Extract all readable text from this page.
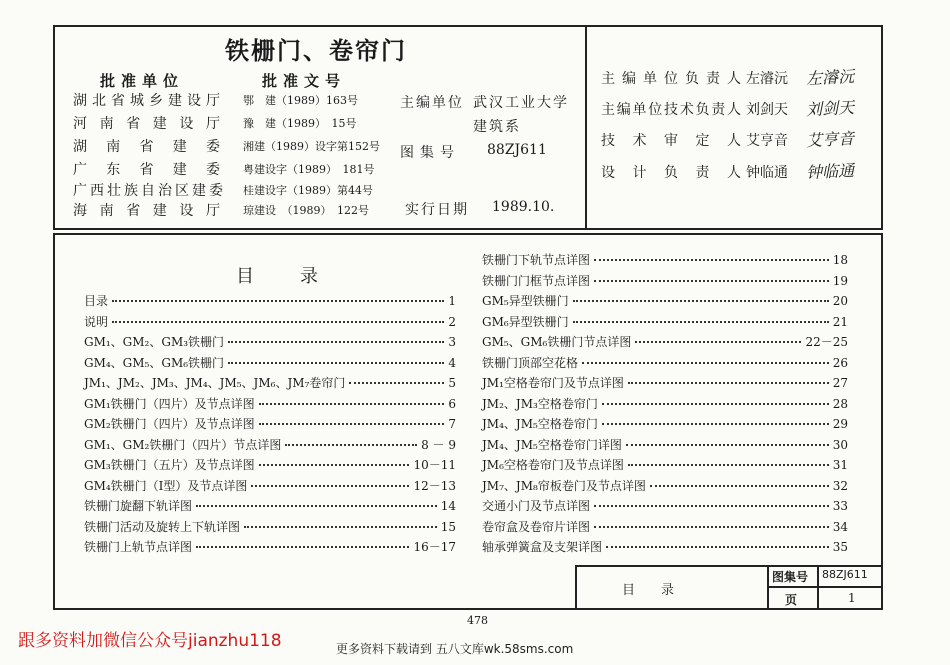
铁栅门、卷帘门
批准单位	批准文号
湖北省城乡建设厅 鄂　建（1989）163号
河南省建设厅 豫　建（1989）　15号
湖南省建委 湘建（1989）设字第152号
广东省建委 粤建设字（1989）　181号
广西壮族自治区建委 桂建设字（1989）第44号
海南省建设厅 琼建设　（1989）　122号
主编单位 武汉工业大学
建筑系
图集号 88ZJ611
实行日期 1989.10.
主编单位负责人 左濬沅 左濬沅
主编单位技术负责人 刘剑天 刘剑天
技术审定人 艾亨音 艾亨音
设计负责人 钟临通 钟临通
目　录
目录	1
说明	2
GM₁、GM₂、GM₃铁栅门	3
GM₄、GM₅、GM₆铁栅门	4
JM₁、JM₂、JM₃、JM₄、JM₅、JM₆、JM₇卷帘门	5
GM₁铁栅门（四片）及节点详图	6
GM₂铁栅门（四片）及节点详图	7
GM₁、GM₂铁栅门（四片）节点详图	8 － 9
GM₃铁栅门（五片）及节点详图	10－11
GM₄铁栅门（Ⅰ型）及节点详图	12－13
铁栅门旋翻下轨详图	14
铁栅门活动及旋转上下轨详图	15
铁栅门上轨节点详图	16－17
铁栅门下轨节点详图	18
铁栅门门框节点详图	19
GM₅异型铁栅门	20
GM₆异型铁栅门	21
GM₅、GM₆铁栅门节点详图	22－25
铁栅门顶部空花格	26
JM₁空格卷帘门及节点详图	27
JM₂、JM₃空格卷帘门	28
JM₄、JM₅空格卷帘门	29
JM₄、JM₅空格卷帘门详图	30
JM₆空格卷帘门及节点详图	31
JM₇、JM₈帘板卷门及节点详图	32
交通小门及节点详图	33
卷帘盒及卷帘片详图	34
轴承弹簧盒及支架详图	35
目　　录
图集号 88ZJ611
页	1
478
跟多资料加微信公众号jianzhu118	更多资料下载请到 五八文库wk.58sms.com
